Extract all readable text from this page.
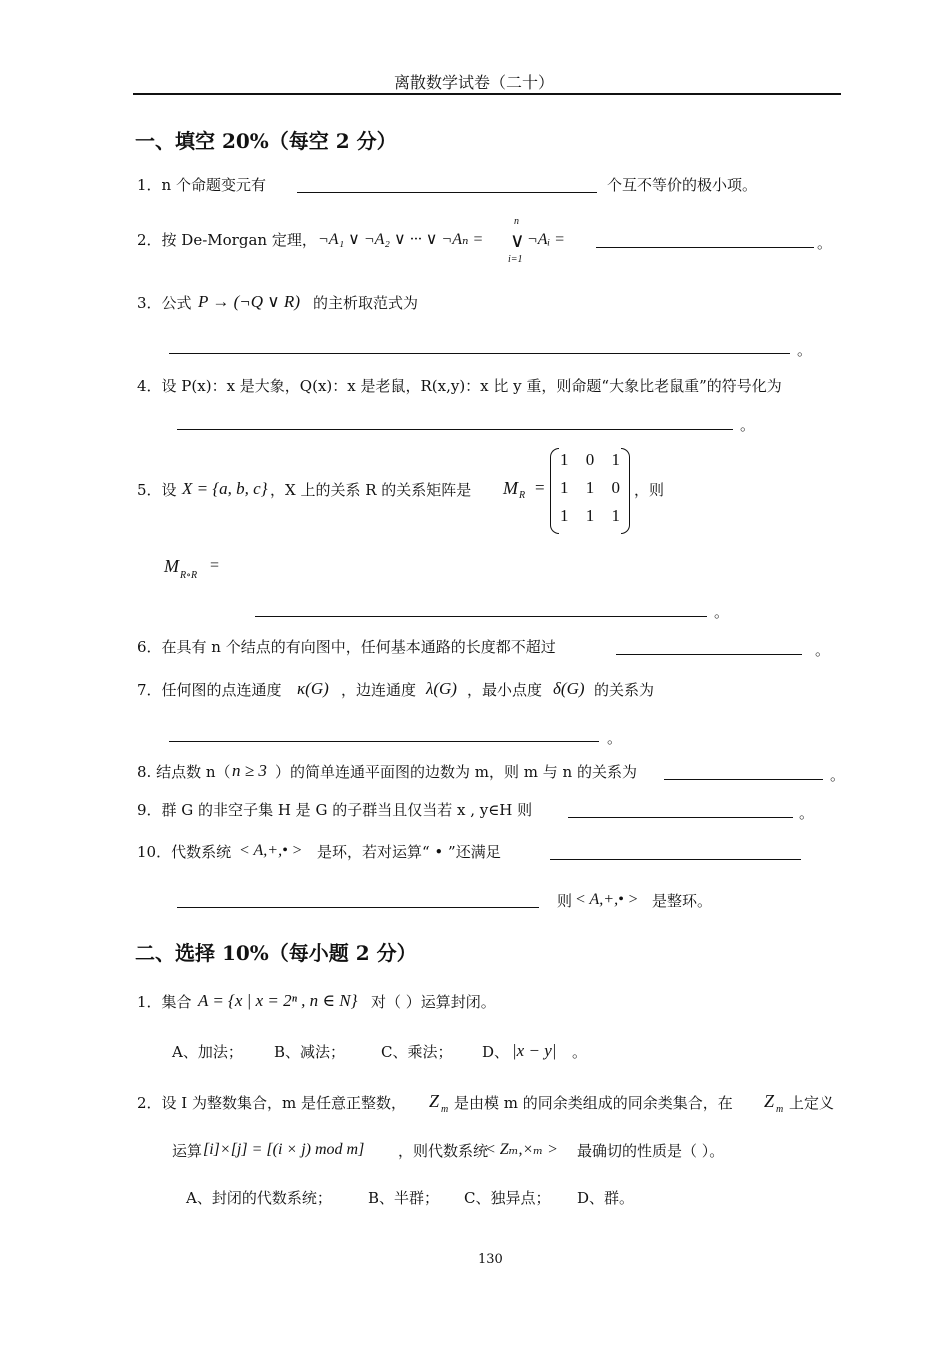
离散数学试卷（二十）
一、填空 20%（每空 2 分）
1．n 个命题变元有	个互不等价的极小项。
2．按 De-Morgan 定理， ¬A₁ ∨ ¬A₂ ∨ ··· ∨ ¬Aₙ =
n
∨
i=1
¬Aᵢ =	。
3．公式 P → (¬Q ∨ R) 的主析取范式为
。
4．设 P(x)：x 是大象，Q(x)：x 是老鼠，R(x,y)：x 比 y 重，则命题“大象比老鼠重”的符号化为
。
5．设 X = {a, b, c} ，X 上的关系 R 的关系矩阵是 M R =
1 0 1
1 1 0
1 1 1
，则
M R∘R
=
。
6．在具有 n 个结点的有向图中，任何基本通路的长度都不超过	。
7．任何图的点连通度 κ(G) ，边连通度 λ(G) ，最小点度 δ(G) 的关系为
。
8. 结点数 n（ n ≥ 3 ）的简单连通平面图的边数为 m，则 m 与 n 的关系为	。
9．群 G 的非空子集 H 是 G 的子群当且仅当若 x , y∈H 则	。
10．代数系统 < A,+,• > 是环，若对运算“ • ”还满足
则 < A,+,• > 是整环。
二、选择 10%（每小题 2 分）
1．集合 A = {x | x = 2ⁿ , n ∈ N} 对（ ）运算封闭。
A、加法； B、减法； C、乘法； D、 |x − y| 。
2．设 I 为整数集合，m 是任意正整数， Z m 是由模 m 的同余类组成的同余类集合，在 Z m 上定义
运算 [i]×[j] = [(i × j) mod m] ，则代数系统
< Zₘ,×ₘ > 最确切的性质是（ ）。
A、封闭的代数系统； B、半群； C、独异点； D、群。
130
